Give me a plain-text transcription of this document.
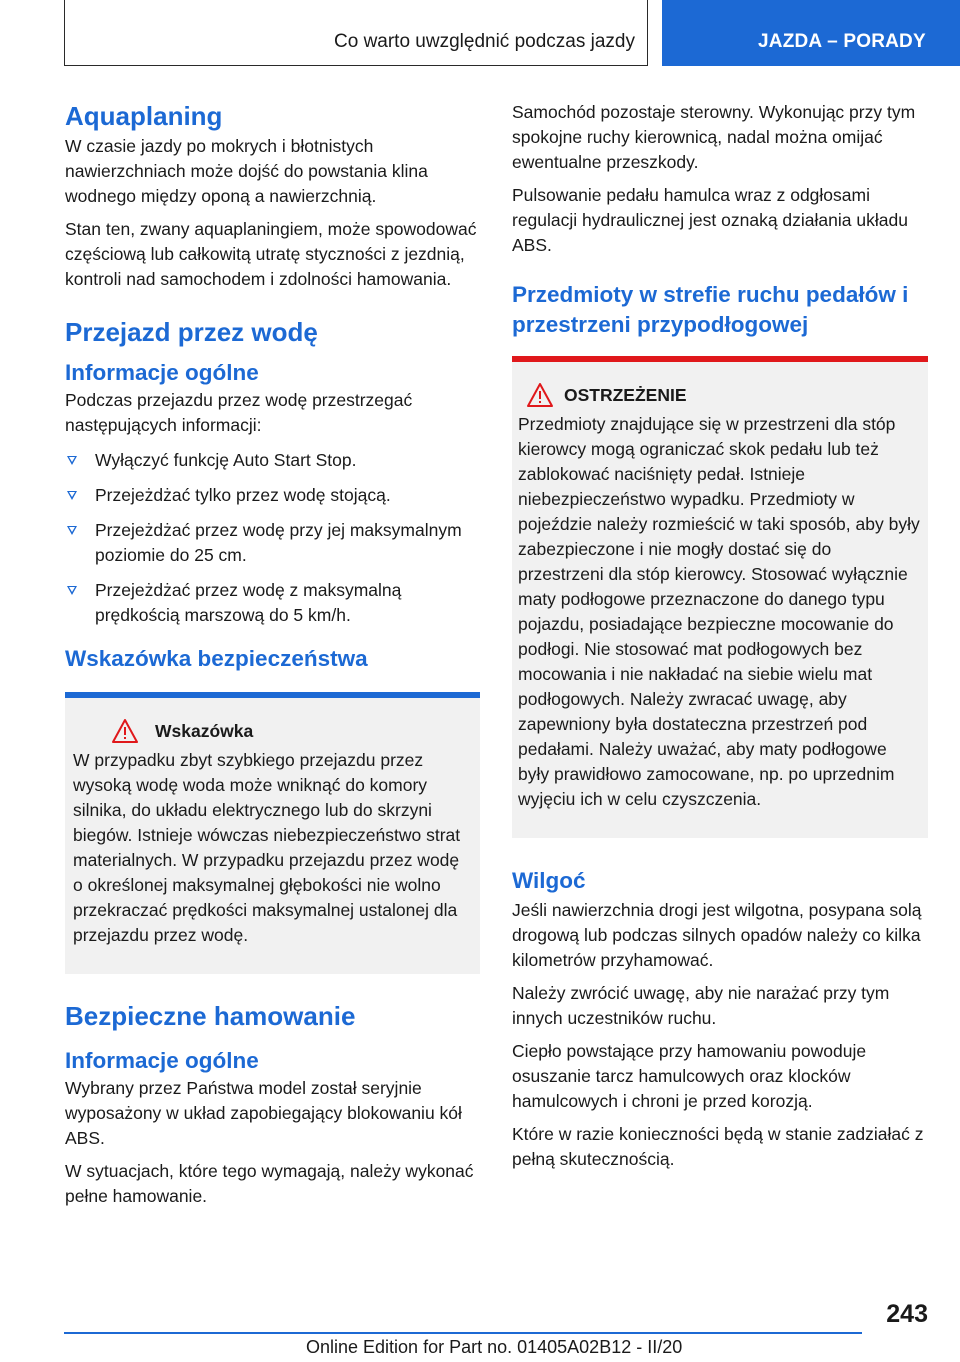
Co warto uwzględnić podczas jazdy	JAZDA – PORADY
Aquaplaning

W czasie jazdy po mokrych i błotnistych nawierzchniach może dojść do powstania klina wodnego między oponą a nawierzchnią.

Stan ten, zwany aquaplaningiem, może spowodować częściową lub całkowitą utratę styczności z jezdnią, kontroli nad samochodem i zdolności hamowania.

Przejazd przez wodę
Informacje ogólne

Podczas przejazdu przez wodę przestrzegać następujących informacji:

Wyłączyć funkcję Auto Start Stop.
Przejeżdżać tylko przez wodę stojącą.
Przejeżdżać przez wodę przy jej maksymalnym poziomie do 25 cm.
Przejeżdżać przez wodę z maksymalną prędkością marszową do 5 km/h.
Wskazówka bezpieczeństwa
Wskazówka

W przypadku zbyt szybkiego przejazdu przez wysoką wodę woda może wniknąć do komory silnika, do układu elektrycznego lub do skrzyni biegów. Istnieje wówczas niebezpieczeństwo strat materialnych. W przypadku przejazdu przez wodę o określonej maksymalnej głębokości nie wolno przekraczać prędkości maksymalnej ustalonej dla przejazdu przez wodę.

Bezpieczne hamowanie
Informacje ogólne

Wybrany przez Państwa model został seryjnie wyposażony w układ zapobiegający blokowaniu kół ABS.

W sytuacjach, które tego wymagają, należy wykonać pełne hamowanie.

Samochód pozostaje sterowny. Wykonując przy tym spokojne ruchy kierownicą, nadal można omijać ewentualne przeszkody.

Pulsowanie pedału hamulca wraz z odgłosami regulacji hydraulicznej jest oznaką działania układu ABS.

Przedmioty w strefie ruchu pedałów i przestrzeni przypodłogowej
OSTRZEŻENIE

Przedmioty znajdujące się w przestrzeni dla stóp kierowcy mogą ograniczać skok pedału lub też zablokować naciśnięty pedał. Istnieje niebezpieczeństwo wypadku. Przedmioty w pojeździe należy rozmieścić w taki sposób, aby były zabezpieczone i nie mogły dostać się do przestrzeni dla stóp kierowcy. Stosować wyłącznie maty podłogowe przeznaczone do danego typu pojazdu, posiadające bezpieczne mocowanie do podłogi. Nie stosować mat podłogowych bez mocowania i nie nakładać na siebie wielu mat podłogowych. Należy zwracać uwagę, aby zapewniony była dostateczna przestrzeń pod pedałami. Należy uważać, aby maty podłogowe były prawidłowo zamocowane, np. po uprzednim wyjęciu ich w celu czyszczenia.

Wilgoć

Jeśli nawierzchnia drogi jest wilgotna, posypana solą drogową lub podczas silnych opadów należy co kilka kilometrów przyhamować.

Należy zwrócić uwagę, aby nie narażać przy tym innych uczestników ruchu.

Ciepło powstające przy hamowaniu powoduje osuszanie tarcz hamulcowych oraz klocków hamulcowych i chroni je przed korozją.

Które w razie konieczności będą w stanie zadziałać z pełną skutecznością.

243
Online Edition for Part no. 01405A02B12 - II/20
